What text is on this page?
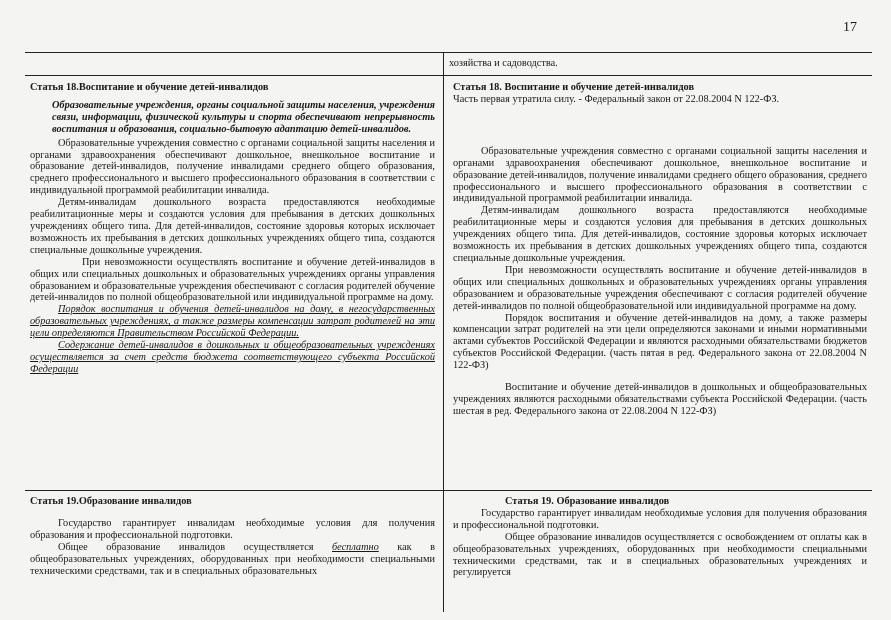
17

хозяйства и садоводства.

Статья 18.Воспитание и обучение детей-инвалидов

Образовательные учреждения, органы социальной защиты населения, учреждения связи, информации, физической культуры и спорта обеспечивают непрерывность воспитания и образования, социально-бытовую адаптацию детей-инвалидов.

Образовательные учреждения совместно с органами социальной защиты населения и органами здравоохранения обеспечивают дошкольное, внешкольное воспитание и образование детей-инвалидов, получение инвалидами среднего общего образования, среднего профессионального и высшего профессионального образования в соответствии с индивидуальной программой реабилитации инвалида.

Детям-инвалидам дошкольного возраста предоставляются необходимые реабилитационные меры и создаются условия для пребывания в детских дошкольных учреждениях общего типа. Для детей-инвалидов, состояние здоровья которых исключает возможность их пребывания в детских дошкольных учреждениях общего типа, создаются специальные дошкольные учреждения.

При невозможности осуществлять воспитание и обучение детей-инвалидов в общих или специальных дошкольных и образовательных учреждениях органы управления образованием и образовательные учреждения обеспечивают с согласия родителей обучение детей-инвалидов по полной общеобразовательной или индивидуальной программе на дому.

Порядок воспитания и обучения детей-инвалидов на дому, в негосударственных образовательных учреждениях, а также размеры компенсации затрат родителей на эти цели определяются Правительством Российской Федерации.

Содержание детей-инвалидов в дошкольных и общеобразовательных учреждениях осуществляется за счет средств бюджета соответствующего субъекта Российской Федерации

Статья 18. Воспитание и обучение детей-инвалидов

Часть первая утратила силу. - Федеральный закон от 22.08.2004 N 122-ФЗ.

Образовательные учреждения совместно с органами социальной защиты населения и органами здравоохранения обеспечивают дошкольное, внешкольное воспитание и образование детей-инвалидов, получение инвалидами среднего общего образования, среднего профессионального и высшего профессионального образования в соответствии с индивидуальной программой реабилитации инвалида.

Детям-инвалидам дошкольного возраста предоставляются необходимые реабилитационные меры и создаются условия для пребывания в детских дошкольных учреждениях общего типа. Для детей-инвалидов, состояние здоровья которых исключает возможность их пребывания в детских дошкольных учреждениях общего типа, создаются специальные дошкольные учреждения.

При невозможности осуществлять воспитание и обучение детей-инвалидов в общих или специальных дошкольных и образовательных учреждениях органы управления образованием и образовательные учреждения обеспечивают с согласия родителей обучение детей-инвалидов по полной общеобразовательной или индивидуальной программе на дому.

Порядок воспитания и обучение детей-инвалидов на дому, а также размеры компенсации затрат родителей на эти цели определяются законами и иными нормативными актами субъектов Российской Федерации и являются расходными обязательствами бюджетов субъектов Российской Федерации. (часть пятая в ред. Федерального закона от 22.08.2004 N 122-ФЗ)

Воспитание и обучение детей-инвалидов в дошкольных и общеобразовательных учреждениях являются расходными обязательствами субъекта Российской Федерации. (часть шестая в ред. Федерального закона от 22.08.2004 N 122-ФЗ)

Статья 19.Образование инвалидов

Государство гарантирует инвалидам необходимые условия для получения образования и профессиональной подготовки.

Общее образование инвалидов осуществляется бесплатно как в общеобразовательных учреждениях, оборудованных при необходимости специальными техническими средствами, так и в специальных образовательных

Статья 19. Образование инвалидов

Государство гарантирует инвалидам необходимые условия для получения образования и профессиональной подготовки.

Общее образование инвалидов осуществляется с освобождением от оплаты как в общеобразовательных учреждениях, оборудованных при необходимости специальными техническими средствами, так и в специальных образовательных учреждениях и регулируется
